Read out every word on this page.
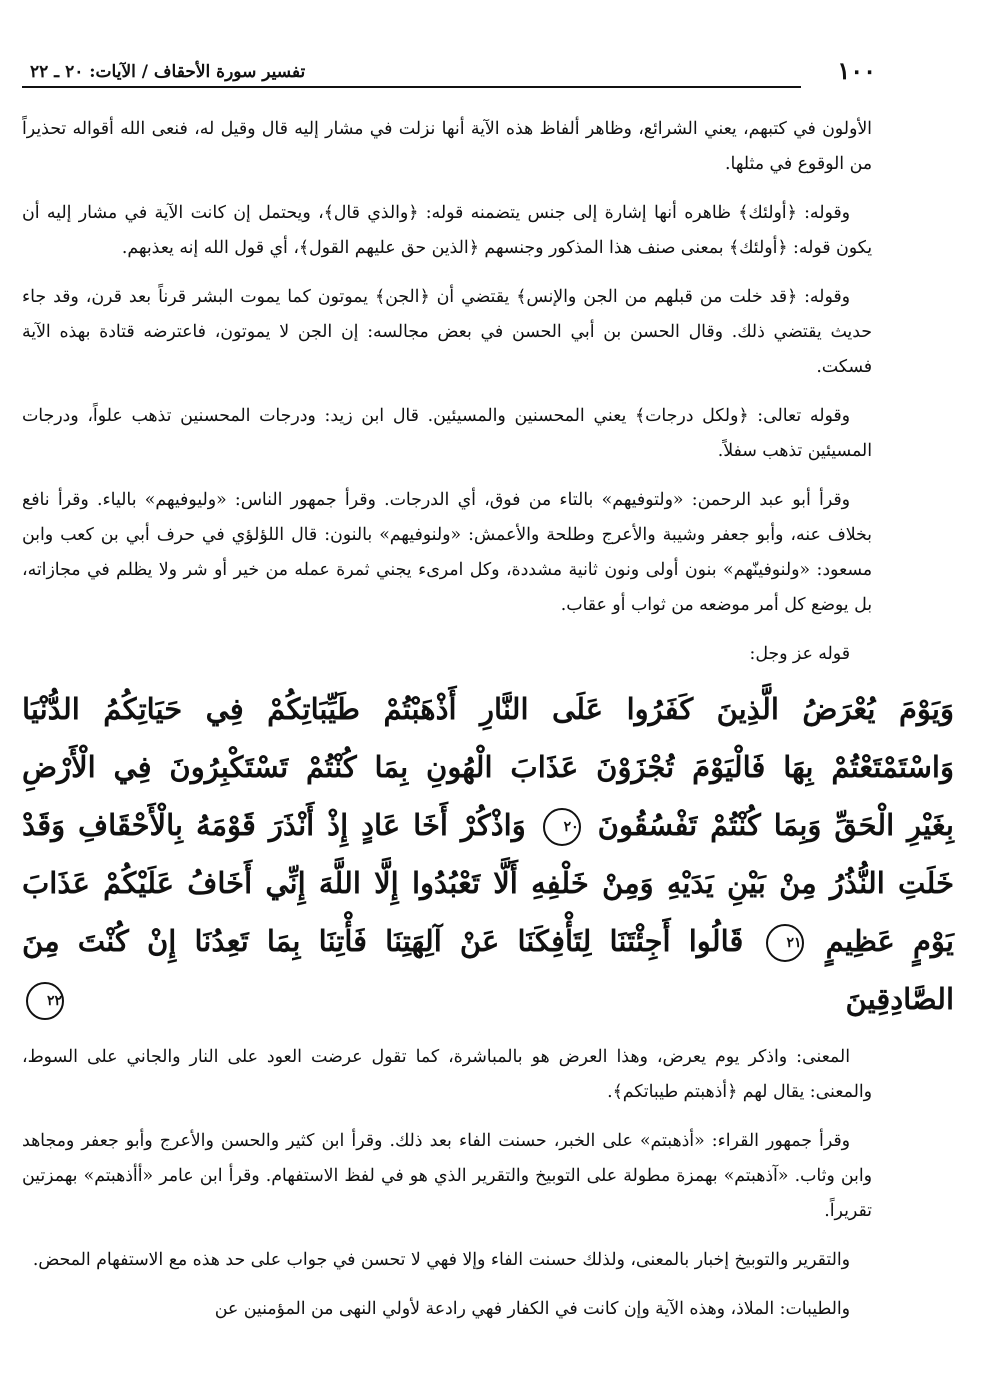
١٠٠
تفسير سورة الأحقاف / الآيات: ٢٠ ـ ٢٢

الأولون في كتبهم، يعني الشرائع، وظاهر ألفاظ هذه الآية أنها نزلت في مشار إليه قال وقيل له، فنعى الله أقواله تحذيراً من الوقوع في مثلها.

وقوله: ﴿أولئك﴾ ظاهره أنها إشارة إلى جنس يتضمنه قوله: ﴿والذي قال﴾، ويحتمل إن كانت الآية في مشار إليه أن يكون قوله: ﴿أولئك﴾ بمعنى صنف هذا المذكور وجنسهم ﴿الذين حق عليهم القول﴾، أي قول الله إنه يعذبهم.

وقوله: ﴿قد خلت من قبلهم من الجن والإنس﴾ يقتضي أن ﴿الجن﴾ يموتون كما يموت البشر قرناً بعد قرن، وقد جاء حديث يقتضي ذلك. وقال الحسن بن أبي الحسن في بعض مجالسه: إن الجن لا يموتون، فاعترضه قتادة بهذه الآية فسكت.

وقوله تعالى: ﴿ولكل درجات﴾ يعني المحسنين والمسيئين. قال ابن زيد: ودرجات المحسنين تذهب علواً، ودرجات المسيئين تذهب سفلاً.

وقرأ أبو عبد الرحمن: «ولتوفيهم» بالتاء من فوق، أي الدرجات. وقرأ جمهور الناس: «وليوفيهم» بالياء. وقرأ نافع بخلاف عنه، وأبو جعفر وشيبة والأعرج وطلحة والأعمش: «ولنوفيهم» بالنون: قال اللؤلؤي في حرف أبي بن كعب وابن مسعود: «ولنوفينّهم» بنون أولى ونون ثانية مشددة، وكل امرىء يجني ثمرة عمله من خير أو شر ولا يظلم في مجازاته، بل يوضع كل أمر موضعه من ثواب أو عقاب.

قوله عز وجل:

وَيَوْمَ يُعْرَضُ الَّذِينَ كَفَرُوا عَلَى النَّارِ أَذْهَبْتُمْ طَيِّبَاتِكُمْ فِي حَيَاتِكُمُ الدُّنْيَا وَاسْتَمْتَعْتُمْ بِهَا فَالْيَوْمَ تُجْزَوْنَ عَذَابَ الْهُونِ بِمَا كُنْتُمْ تَسْتَكْبِرُونَ فِي الْأَرْضِ بِغَيْرِ الْحَقِّ وَبِمَا كُنْتُمْ تَفْسُقُونَ ٢٠ وَاذْكُرْ أَخَا عَادٍ إِذْ أَنْذَرَ قَوْمَهُ بِالْأَحْقَافِ وَقَدْ خَلَتِ النُّذُرُ مِنْ بَيْنِ يَدَيْهِ وَمِنْ خَلْفِهِ أَلَّا تَعْبُدُوا إِلَّا اللَّهَ إِنِّي أَخَافُ عَلَيْكُمْ عَذَابَ يَوْمٍ عَظِيمٍ ٢١ قَالُوا أَجِئْتَنَا لِتَأْفِكَنَا عَنْ آلِهَتِنَا فَأْتِنَا بِمَا تَعِدُنَا إِنْ كُنْتَ مِنَ الصَّادِقِينَ ٢٢

المعنى: واذكر يوم يعرض، وهذا العرض هو بالمباشرة، كما تقول عرضت العود على النار والجاني على السوط، والمعنى: يقال لهم ﴿أذهبتم طيباتكم﴾.

وقرأ جمهور القراء: «أذهبتم» على الخبر، حسنت الفاء بعد ذلك. وقرأ ابن كثير والحسن والأعرج وأبو جعفر ومجاهد وابن وثاب. «آذهبتم» بهمزة مطولة على التوبيخ والتقرير الذي هو في لفظ الاستفهام. وقرأ ابن عامر «أأذهبتم» بهمزتين تقريراً.

والتقرير والتوبيخ إخبار بالمعنى، ولذلك حسنت الفاء وإلا فهي لا تحسن في جواب على حد هذه مع الاستفهام المحض.

والطيبات: الملاذ، وهذه الآية وإن كانت في الكفار فهي رادعة لأولي النهى من المؤمنين عن
